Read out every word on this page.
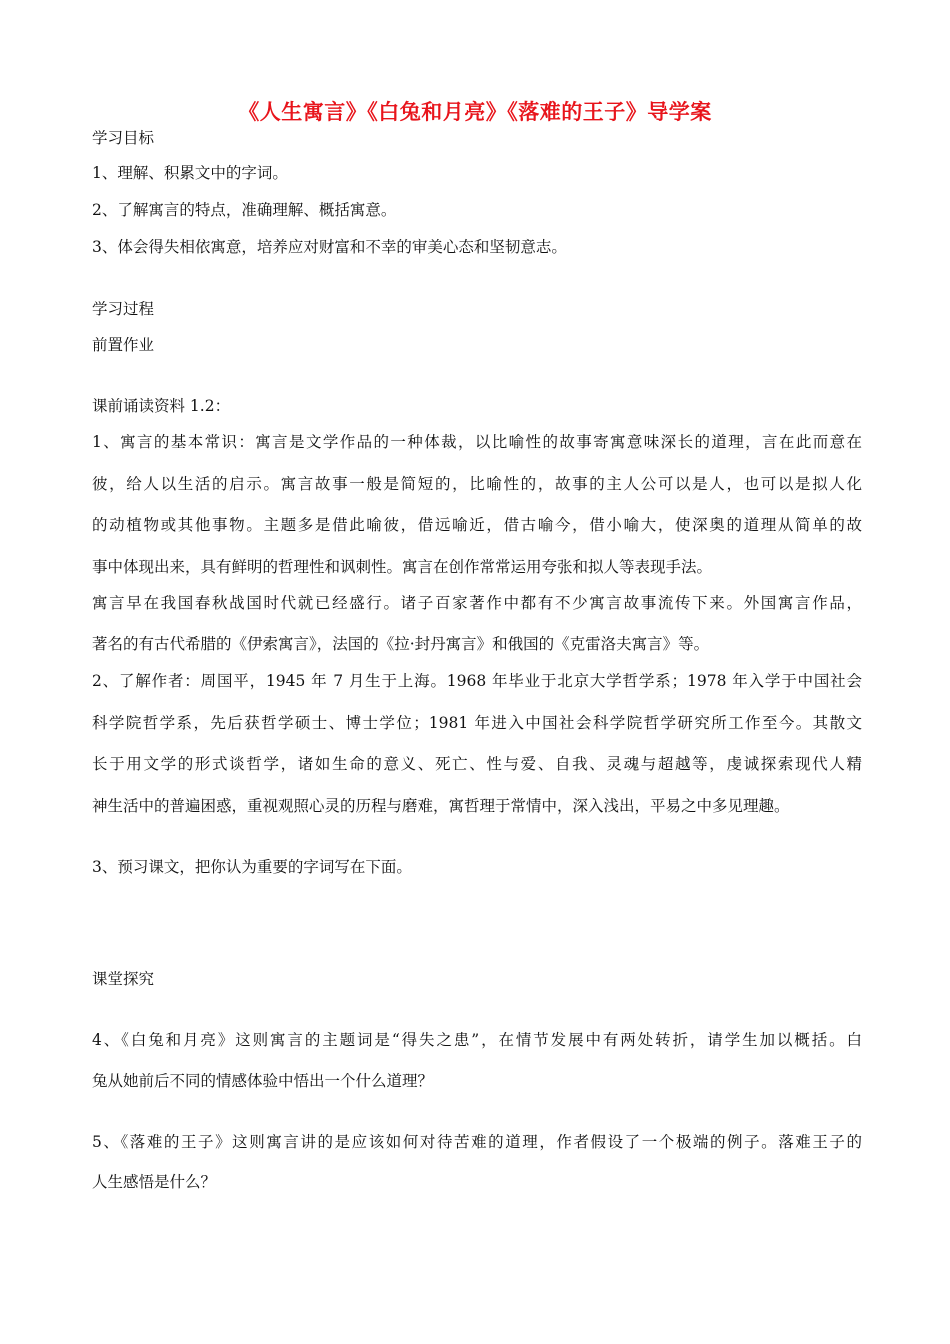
《人生寓言》《白兔和月亮》《落难的王子》导学案
学习目标
1、理解、积累文中的字词。
2、了解寓言的特点，准确理解、概括寓意。
3、体会得失相依寓意，培养应对财富和不幸的审美心态和坚韧意志。
学习过程
前置作业
课前诵读资料 1.2：
1、寓言的基本常识：寓言是文学作品的一种体裁，以比喻性的故事寄寓意味深长的道理，言在此而意在
彼，给人以生活的启示。寓言故事一般是简短的，比喻性的，故事的主人公可以是人，也可以是拟人化
的动植物或其他事物。主题多是借此喻彼，借远喻近，借古喻今，借小喻大，使深奥的道理从简单的故
事中体现出来，具有鲜明的哲理性和讽刺性。寓言在创作常常运用夸张和拟人等表现手法。
寓言早在我国春秋战国时代就已经盛行。诸子百家著作中都有不少寓言故事流传下来。外国寓言作品，
著名的有古代希腊的《伊索寓言》，法国的《拉·封丹寓言》和俄国的《克雷洛夫寓言》等。
2、了解作者：周国平，1945 年 7 月生于上海。1968 年毕业于北京大学哲学系；1978 年入学于中国社会
科学院哲学系，先后获哲学硕士、博士学位；1981 年进入中国社会科学院哲学研究所工作至今。其散文
长于用文学的形式谈哲学，诸如生命的意义、死亡、性与爱、自我、灵魂与超越等，虔诚探索现代人精
神生活中的普遍困惑，重视观照心灵的历程与磨难，寓哲理于常情中，深入浅出，平易之中多见理趣。
3、预习课文，把你认为重要的字词写在下面。
课堂探究
4、《白兔和月亮》这则寓言的主题词是“得失之患”，在情节发展中有两处转折，请学生加以概括。白
兔从她前后不同的情感体验中悟出一个什么道理？
5、《落难的王子》这则寓言讲的是应该如何对待苦难的道理，作者假设了一个极端的例子。落难王子的
人生感悟是什么？
